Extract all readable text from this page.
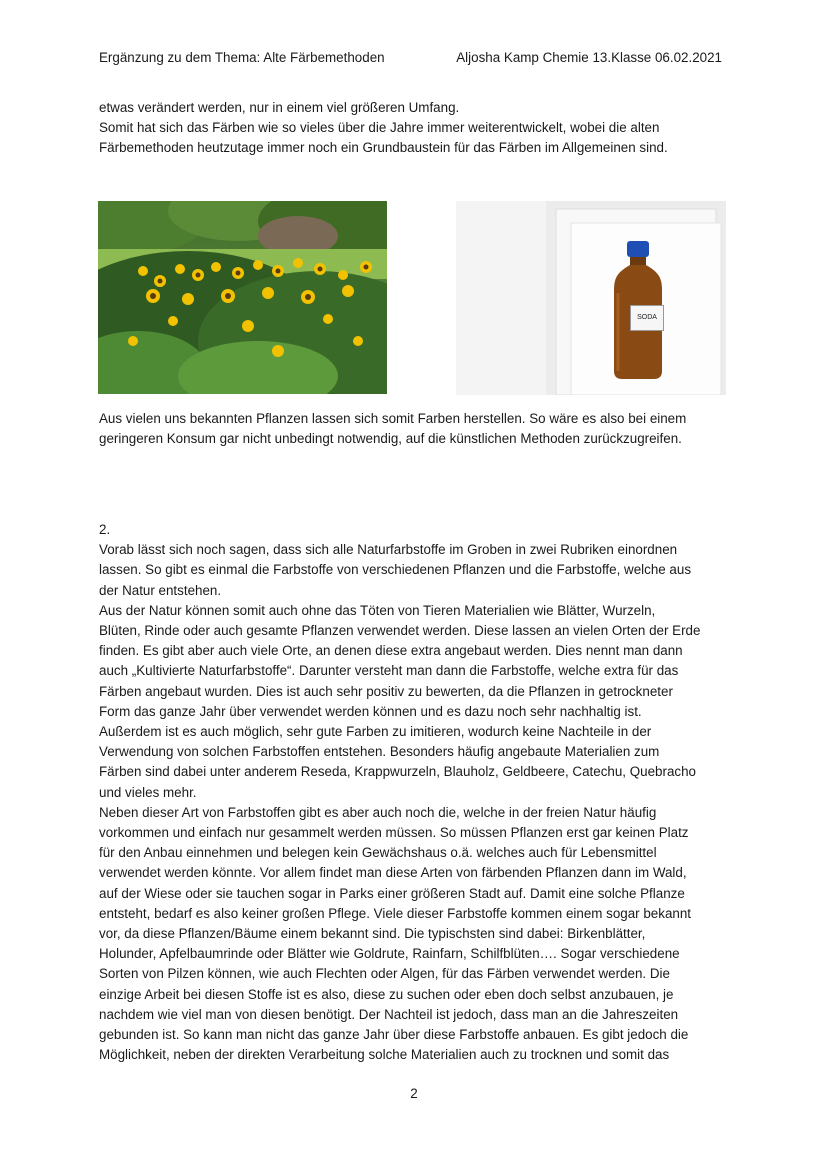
Ergänzung zu dem Thema: Alte Färbemethoden	Aljosha Kamp Chemie 13.Klasse 06.02.2021

etwas verändert werden, nur in einem viel größeren Umfang.
Somit hat sich das Färben wie so vieles über die Jahre immer weiterentwickelt, wobei die alten
Färbemethoden heutzutage immer noch ein Grundbaustein für das Färben im Allgemeinen sind.

SODA

Aus vielen uns bekannten Pflanzen lassen sich somit Farben herstellen. So wäre es also bei einem
geringeren Konsum gar nicht unbedingt notwendig, auf die künstlichen Methoden zurückzugreifen.

2.
Vorab lässt sich noch sagen, dass sich alle Naturfarbstoffe im Groben in zwei Rubriken einordnen
lassen. So gibt es einmal die Farbstoffe von verschiedenen Pflanzen und die Farbstoffe, welche aus
der Natur entstehen.
Aus der Natur können somit auch ohne das Töten von Tieren Materialien wie Blätter, Wurzeln,
Blüten, Rinde oder auch gesamte Pflanzen verwendet werden. Diese lassen an vielen Orten der Erde
finden. Es gibt aber auch viele Orte, an denen diese extra angebaut werden. Dies nennt man dann
auch „Kultivierte Naturfarbstoffe“. Darunter versteht man dann die Farbstoffe, welche extra für das
Färben angebaut wurden. Dies ist auch sehr positiv zu bewerten, da die Pflanzen in getrockneter
Form das ganze Jahr über verwendet werden können und es dazu noch sehr nachhaltig ist.
Außerdem ist es auch möglich, sehr gute Farben zu imitieren, wodurch keine Nachteile in der
Verwendung von solchen Farbstoffen entstehen. Besonders häufig angebaute Materialien zum
Färben sind dabei unter anderem Reseda, Krappwurzeln, Blauholz, Geldbeere, Catechu, Quebracho
und vieles mehr.
Neben dieser Art von Farbstoffen gibt es aber auch noch die, welche in der freien Natur häufig
vorkommen und einfach nur gesammelt werden müssen. So müssen Pflanzen erst gar keinen Platz
für den Anbau einnehmen und belegen kein Gewächshaus o.ä. welches auch für Lebensmittel
verwendet werden könnte. Vor allem findet man diese Arten von färbenden Pflanzen dann im Wald,
auf der Wiese oder sie tauchen sogar in Parks einer größeren Stadt auf. Damit eine solche Pflanze
entsteht, bedarf es also keiner großen Pflege. Viele dieser Farbstoffe kommen einem sogar bekannt
vor, da diese Pflanzen/Bäume einem bekannt sind. Die typischsten sind dabei: Birkenblätter,
Holunder, Apfelbaumrinde oder Blätter wie Goldrute, Rainfarn, Schilfblüten…. Sogar verschiedene
Sorten von Pilzen können, wie auch Flechten oder Algen, für das Färben verwendet werden. Die
einzige Arbeit bei diesen Stoffe ist es also, diese zu suchen oder eben doch selbst anzubauen, je
nachdem wie viel man von diesen benötigt. Der Nachteil ist jedoch, dass man an die Jahreszeiten
gebunden ist. So kann man nicht das ganze Jahr über diese Farbstoffe anbauen. Es gibt jedoch die
Möglichkeit, neben der direkten Verarbeitung solche Materialien auch zu trocknen und somit das

2
